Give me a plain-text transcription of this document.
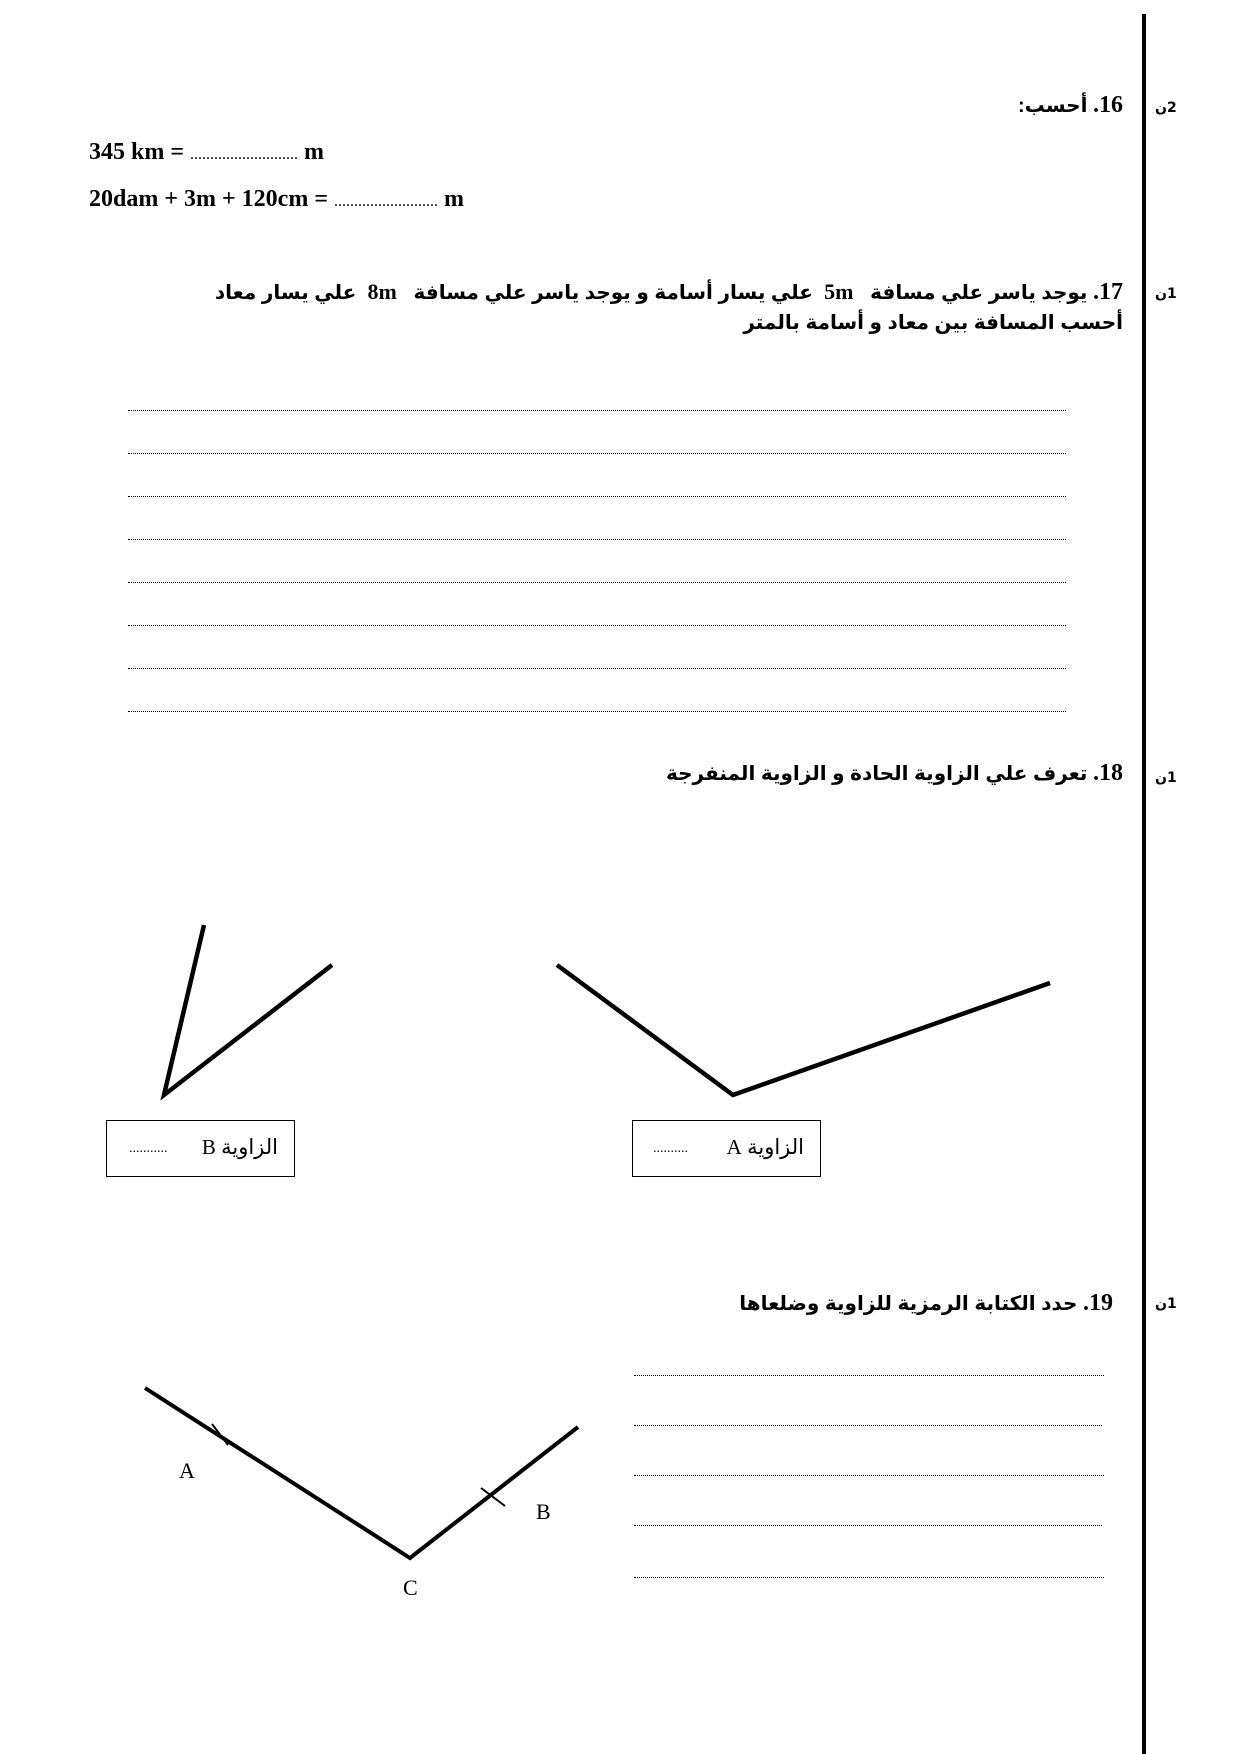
2ن
16. أحسب:
345 km = ........................... m
20dam + 3m + 120cm = .......................... m
1ن
17. يوجد ياسر علي مسافة   5m  علي يسار أسامة و يوجد ياسر علي مسافة   8m  علي يسار معاد
أحسب المسافة بين معاد و أسامة بالمتر
1ن
18. تعرف علي الزاوية الحادة و الزاوية المنفرجة
الزاوية B
...........	الزاوية A
..........
1ن
19. حدد الكتابة الرمزية للزاوية وضلعاها
A
B
C
